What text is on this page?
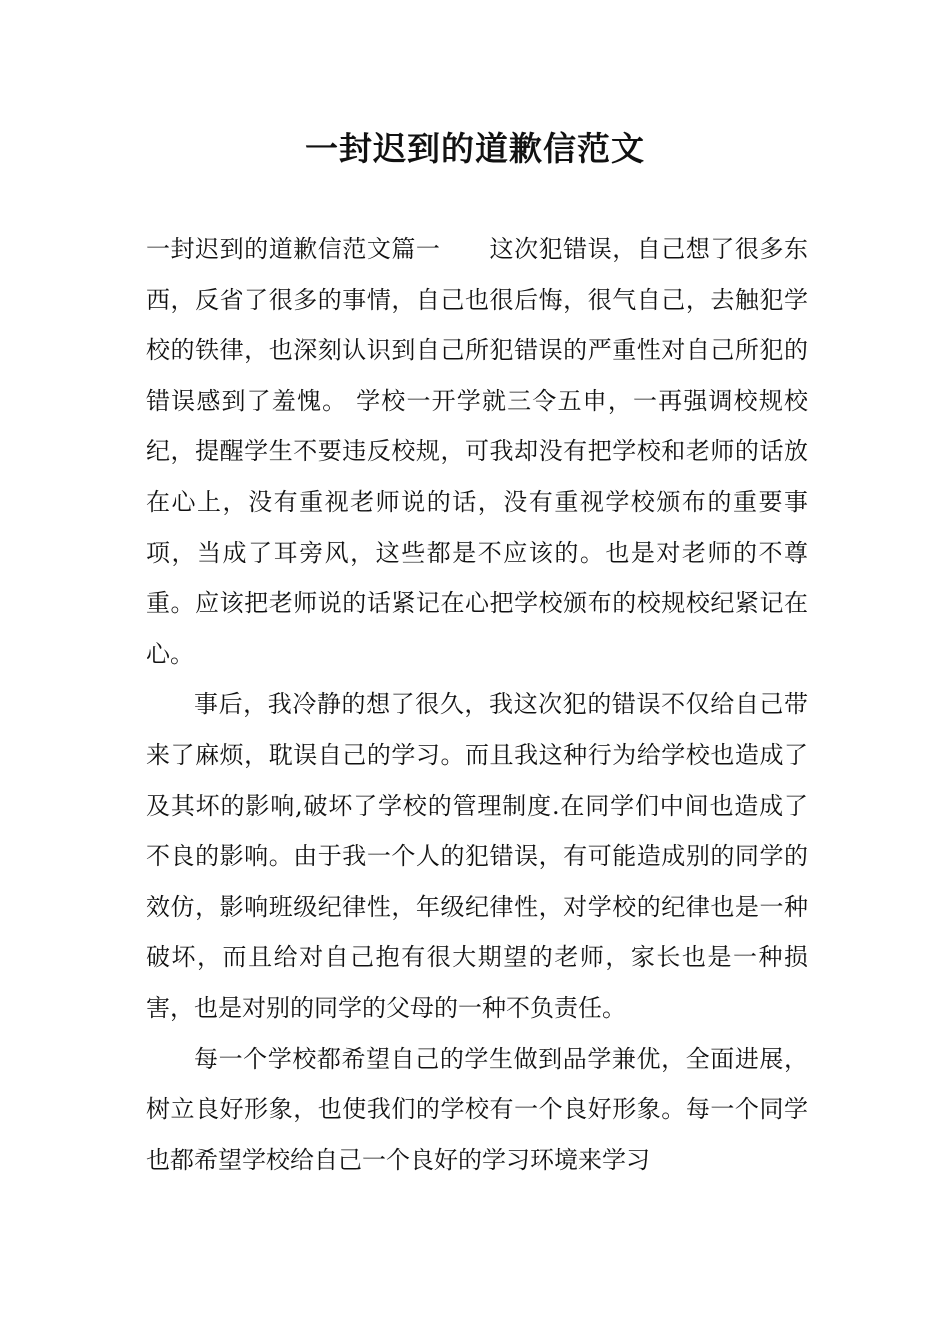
一封迟到的道歉信范文

一封迟到的道歉信范文篇一　　这次犯错误，自己想了很多东西，反省了很多的事情，自己也很后悔，很气自己，去触犯学校的铁律，也深刻认识到自己所犯错误的严重性对自己所犯的错误感到了羞愧。 学校一开学就三令五申，一再强调校规校纪，提醒学生不要违反校规，可我却没有把学校和老师的话放在心上，没有重视老师说的话，没有重视学校颁布的重要事项，当成了耳旁风，这些都是不应该的。也是对老师的不尊重。应该把老师说的话紧记在心把学校颁布的校规校纪紧记在心。

事后，我冷静的想了很久，我这次犯的错误不仅给自己带来了麻烦，耽误自己的学习。而且我这种行为给学校也造成了及其坏的影响,破坏了学校的管理制度.在同学们中间也造成了不良的影响。由于我一个人的犯错误，有可能造成别的同学的效仿，影响班级纪律性，年级纪律性，对学校的纪律也是一种破坏，而且给对自己抱有很大期望的老师，家长也是一种损害，也是对别的同学的父母的一种不负责任。

每一个学校都希望自己的学生做到品学兼优，全面进展，树立良好形象，也使我们的学校有一个良好形象。每一个同学也都希望学校给自己一个良好的学习环境来学习
